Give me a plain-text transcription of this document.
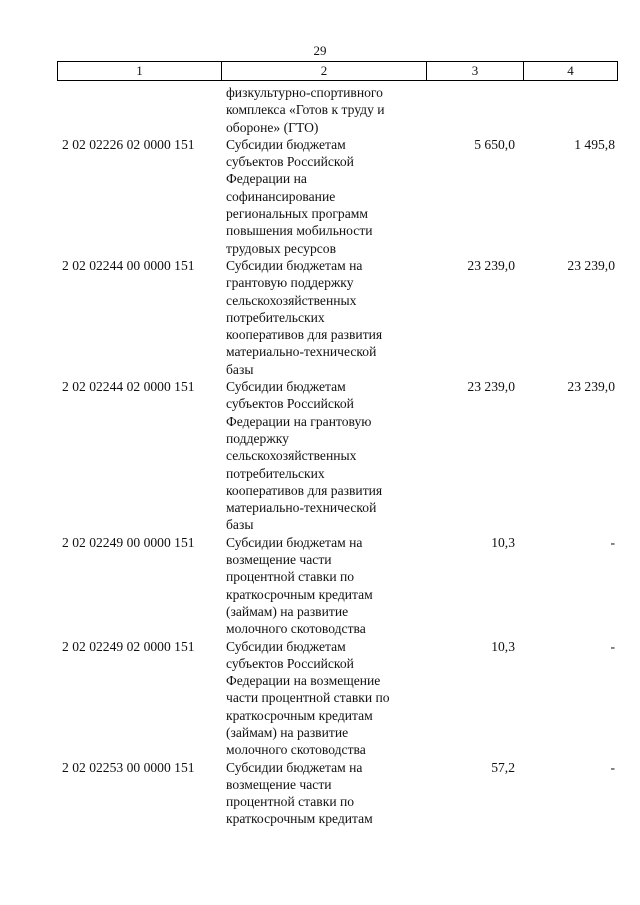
29
1	2	3	4
физкультурно-спортивного
комплекса «Готов к труду и
обороне» (ГТО)
2 02 02226 02 0000 151	Субсидии бюджетам
субъектов Российской
Федерации на
софинансирование
региональных программ
повышения мобильности
трудовых ресурсов
5 650,0	1 495,8
2 02 02244 00 0000 151	Субсидии бюджетам на
грантовую поддержку
сельскохозяйственных
потребительских
кооперативов для развития
материально-технической
базы
23 239,0	23 239,0
2 02 02244 02 0000 151	Субсидии бюджетам
субъектов Российской
Федерации на грантовую
поддержку
сельскохозяйственных
потребительских
кооперативов для развития
материально-технической
базы
23 239,0	23 239,0
2 02 02249 00 0000 151	Субсидии бюджетам на
возмещение части
процентной ставки по
краткосрочным кредитам
(займам) на развитие
молочного скотоводства
10,3	-
2 02 02249 02 0000 151	Субсидии бюджетам
субъектов Российской
Федерации на возмещение
части процентной ставки по
краткосрочным кредитам
(займам) на развитие
молочного скотоводства
10,3	-
2 02 02253 00 0000 151	Субсидии бюджетам на
возмещение части
процентной ставки по
краткосрочным кредитам
57,2	-
